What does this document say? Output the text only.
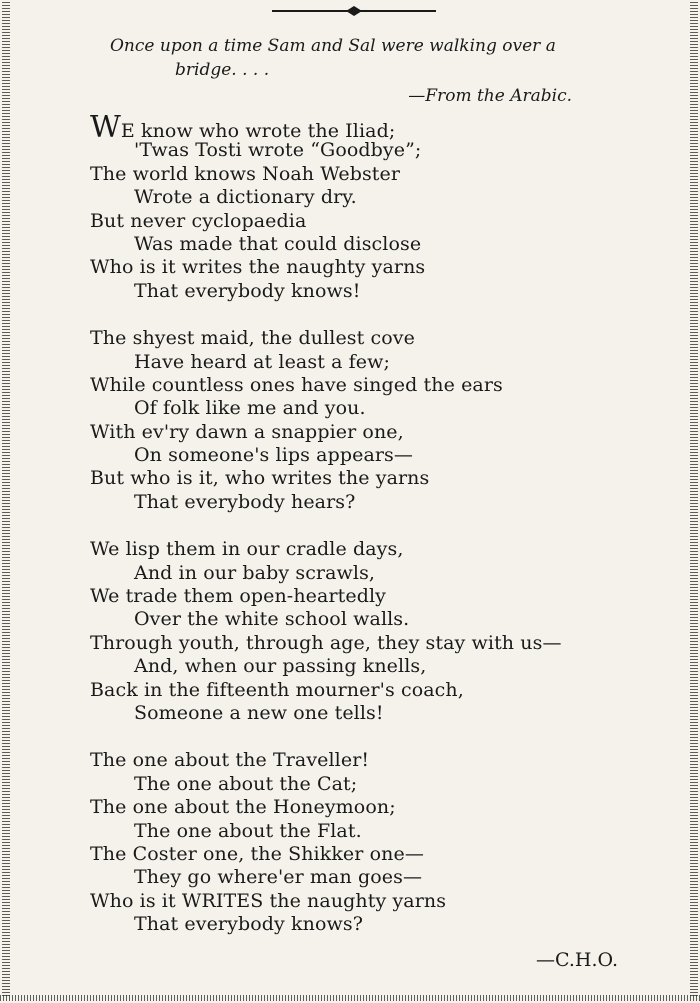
Once upon a time Sam and Sal were walking over a
bridge. . . .
—From the Arabic.
WE know who wrote the Iliad;
'Twas Tosti wrote “Goodbye”;
The world knows Noah Webster
Wrote a dictionary dry.
But never cyclopaedia
Was made that could disclose
Who is it writes the naughty yarns
That everybody knows!
The shyest maid, the dullest cove
Have heard at least a few;
While countless ones have singed the ears
Of folk like me and you.
With ev'ry dawn a snappier one,
On someone's lips appears—
But who is it, who writes the yarns
That everybody hears?
We lisp them in our cradle days,
And in our baby scrawls,
We trade them open-heartedly
Over the white school walls.
Through youth, through age, they stay with us—
And, when our passing knells,
Back in the fifteenth mourner's coach,
Someone a new one tells!
The one about the Traveller!
The one about the Cat;
The one about the Honeymoon;
The one about the Flat.
The Coster one, the Shikker one—
They go where'er man goes—
Who is it WRITES the naughty yarns
That everybody knows?
—C.H.O.
